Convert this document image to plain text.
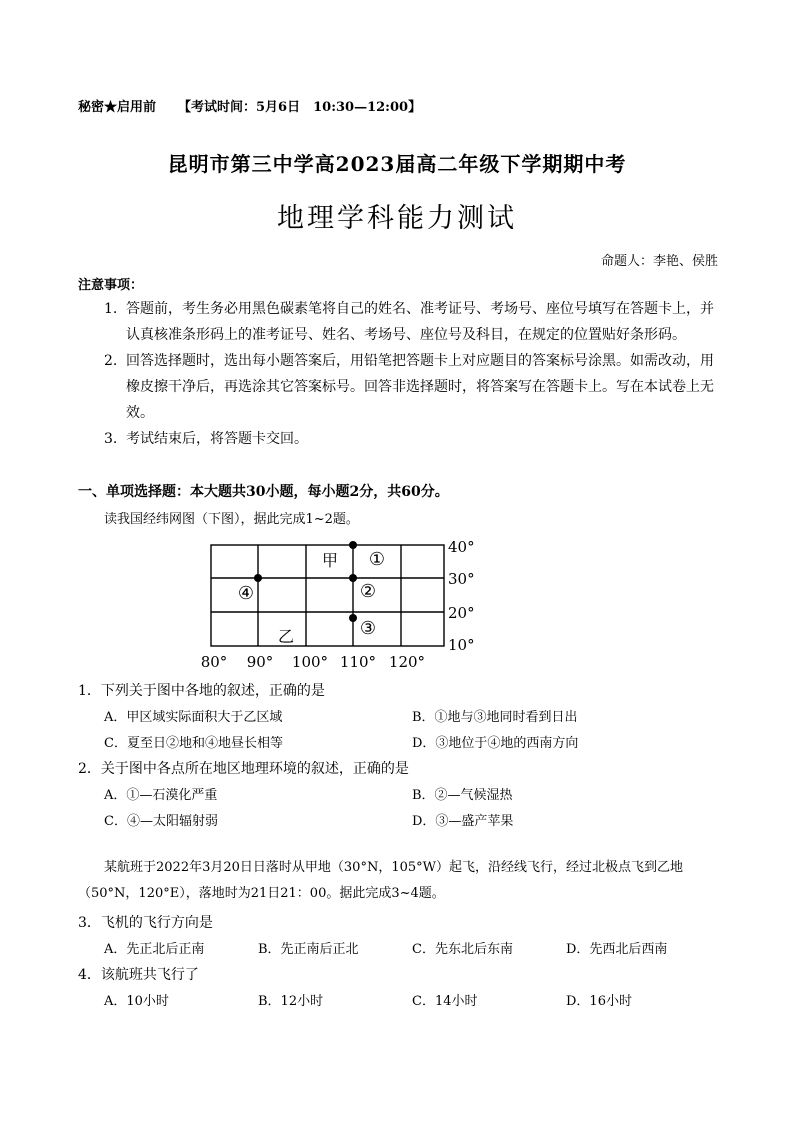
秘密★启用前 【考试时间：5月6日　10:30—12:00】
昆明市第三中学高2023届高二年级下学期期中考
地理学科能力测试
命题人：李艳、侯胜
注意事项：
1. 答题前，考生务必用黑色碳素笔将自己的姓名、准考证号、考场号、座位号填写在答题卡上，并认真核准条形码上的准考证号、姓名、考场号、座位号及科目，在规定的位置贴好条形码。
2. 回答选择题时，选出每小题答案后，用铅笔把答题卡上对应题目的答案标号涂黑。如需改动，用橡皮擦干净后，再选涂其它答案标号。回答非选择题时，将答案写在答题卡上。写在本试卷上无效。
3. 考试结束后，将答题卡交回。
一、单项选择题：本大题共30小题，每小题2分，共60分。
读我国经纬网图（下图），据此完成1~2题。
甲 ①
④	②
③
乙
40°
30°
20°
10°
80° 90° 100° 110° 120°
1．下列关于图中各地的叙述，正确的是
A．甲区域实际面积大于乙区域	B．①地与③地同时看到日出
C．夏至日②地和④地昼长相等	D．③地位于④地的西南方向
2．关于图中各点所在地区地理环境的叙述，正确的是
A．①—石漠化严重	B．②—气候湿热
C．④—太阳辐射弱	D．③—盛产苹果
某航班于2022年3月20日日落时从甲地（30°N，105°W）起飞，沿经线飞行，经过北极点飞到乙地（50°N，120°E），落地时为21日21：00。据此完成3~4题。
3．飞机的飞行方向是
A．先正北后正南	B．先正南后正北	C．先东北后东南	D．先西北后西南
4．该航班共飞行了
A．10小时	B．12小时	C．14小时	D．16小时
